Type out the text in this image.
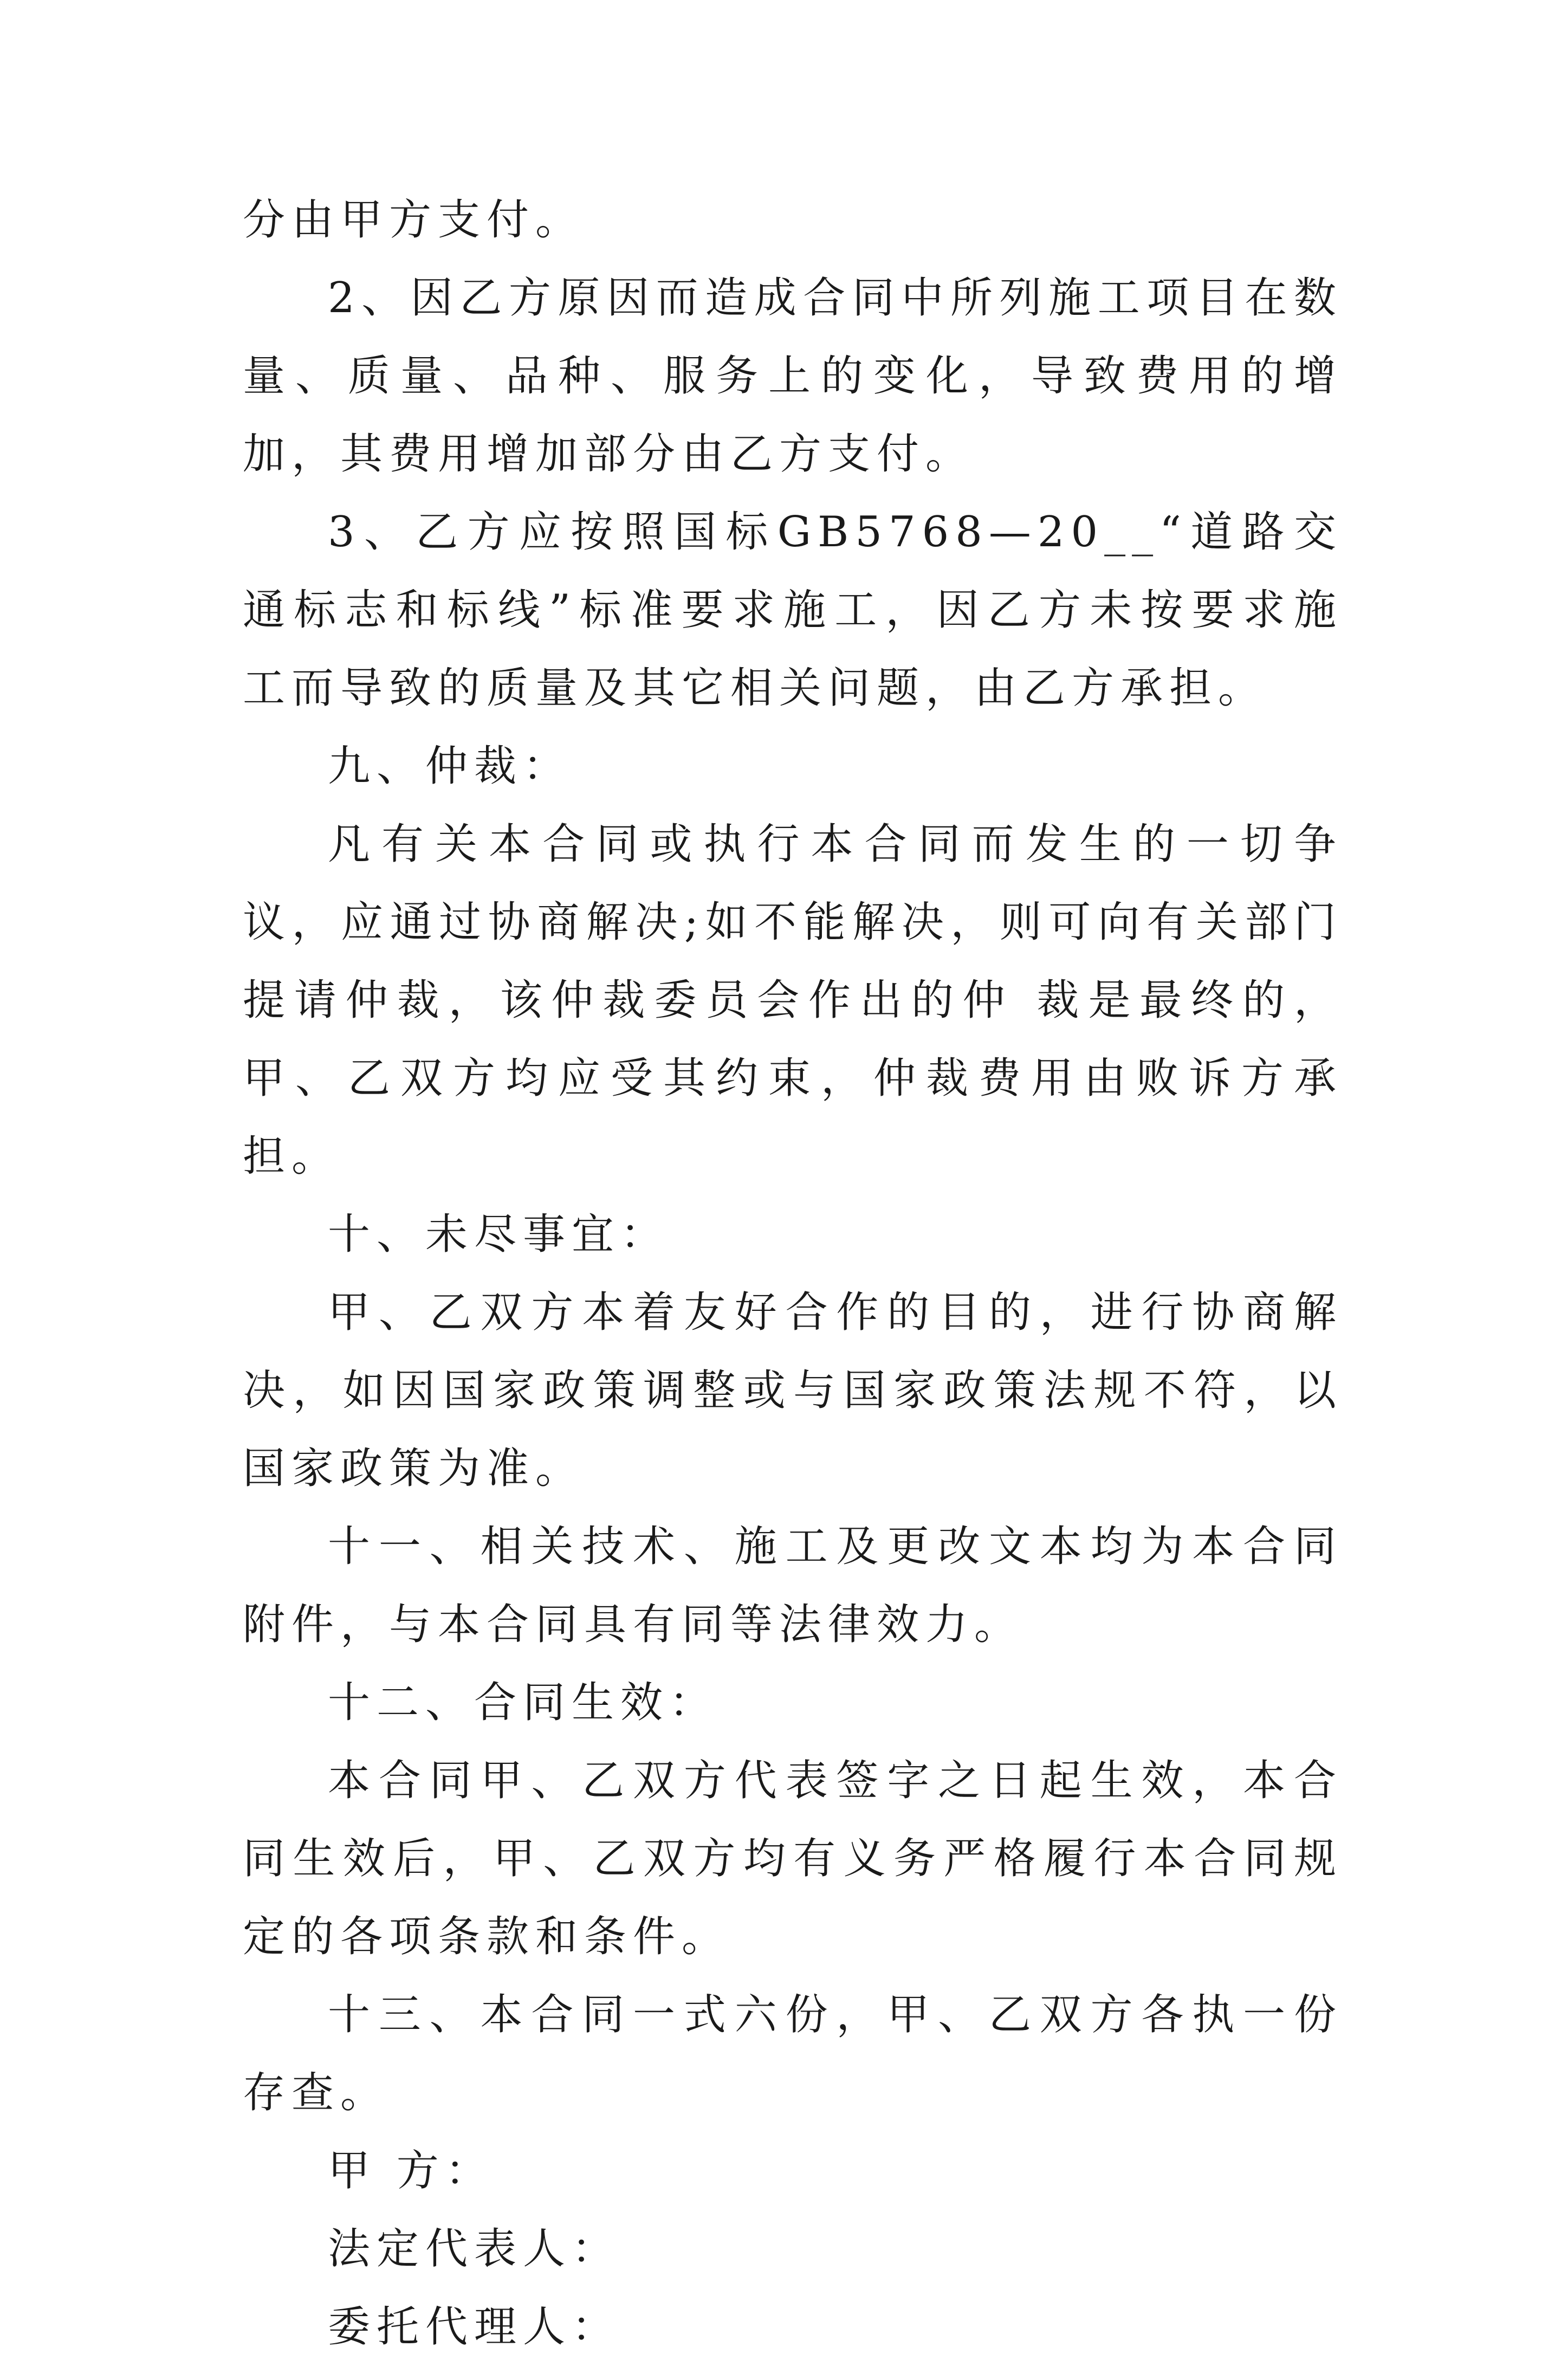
分由甲方支付。

2、因乙方原因而造成合同中所列施工项目在数量、质量、品种、服务上的变化，导致费用的增加，其费用增加部分由乙方支付。

3、乙方应按照国标GB5768—20__“道路交通标志和标线”标准要求施工，因乙方未按要求施工而导致的质量及其它相关问题，由乙方承担。

九、仲裁：

凡有关本合同或执行本合同而发生的一切争议，应通过协商解决;如不能解决，则可向有关部门提请仲裁，该仲裁委员会作出的仲 裁是最终的，甲、乙双方均应受其约束，仲裁费用由败诉方承担。

十、未尽事宜：

甲、乙双方本着友好合作的目的，进行协商解决，如因国家政策调整或与国家政策法规不符，以国家政策为准。

十一、相关技术、施工及更改文本均为本合同附件，与本合同具有同等法律效力。

十二、合同生效：

本合同甲、乙双方代表签字之日起生效，本合同生效后，甲、乙双方均有义务严格履行本合同规定的各项条款和条件。

十三、本合同一式六份，甲、乙双方各执一份存查。

甲 方：

法定代表人：

委托代理人：
